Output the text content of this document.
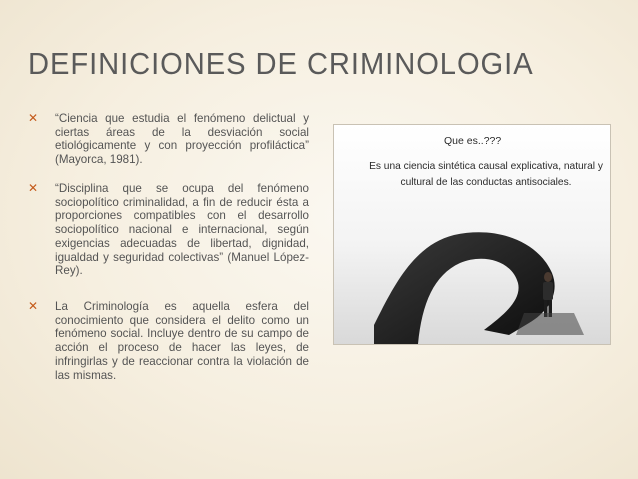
DEFINICIONES DE CRIMINOLOGIA
✕ “Ciencia que estudia el fenómeno delictual y ciertas áreas de la desviación social etiológicamente y con proyección profiláctica” (Mayorca, 1981).
✕ “Disciplina que se ocupa del fenómeno sociopolítico criminalidad, a fin de reducir ésta a proporciones compatibles con el desarrollo sociopolítico nacional e internacional, según exigencias adecuadas de libertad, dignidad, igualdad y seguridad colectivas” (Manuel López-Rey).
✕ La Criminología es aquella esfera del conocimiento que considera el delito como un fenómeno social. Incluye dentro de su campo de acción el proceso de hacer las leyes, de infringirlas y de reaccionar contra la violación de las mismas.
Que es..???
Es una ciencia sintética causal explicativa, natural y cultural de las conductas antisociales.
